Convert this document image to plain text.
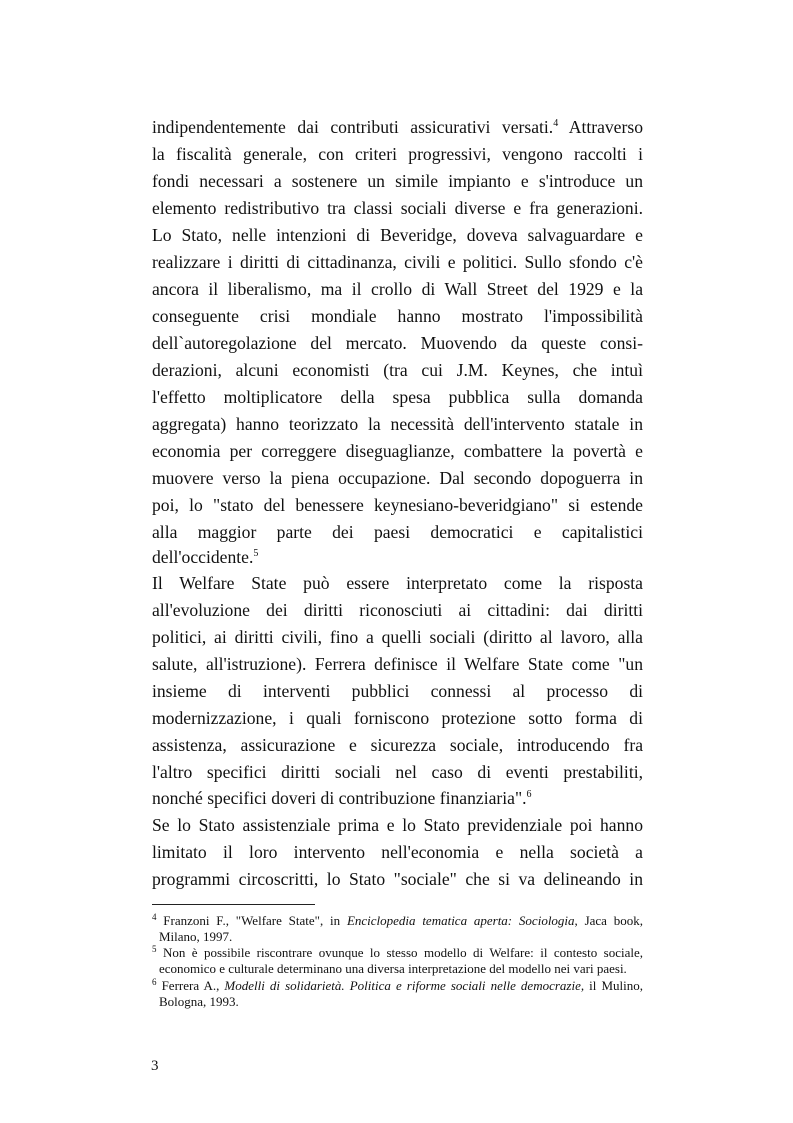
indipendentemente dai contributi assicurativi versati.$^4$ Attraverso
la fiscalità generale, con criteri progressivi, vengono raccolti i
fondi necessari a sostenere un simile impianto e s'introduce un
elemento redistributivo tra classi sociali diverse e fra generazioni.
Lo Stato, nelle intenzioni di Beveridge, doveva salvaguardare e
realizzare i diritti di cittadinanza, civili e politici. Sullo sfondo c'è
ancora il liberalismo, ma il crollo di Wall Street del 1929 e la
conseguente crisi mondiale hanno mostrato l'impossibilità
dell`autoregolazione del mercato. Muovendo da queste consi-
derazioni, alcuni economisti (tra cui J.M. Keynes, che intuì
l'effetto moltiplicatore della spesa pubblica sulla domanda
aggregata) hanno teorizzato la necessità dell'intervento statale in
economia per correggere diseguaglianze, combattere la povertà e
muovere verso la piena occupazione. Dal secondo dopoguerra in
poi, lo "stato del benessere keynesiano-beveridgiano" si estende
alla maggior parte dei paesi democratici e capitalistici
dell'occidente.$^5$
Il Welfare State può essere interpretato come la risposta
all'evoluzione dei diritti riconosciuti ai cittadini: dai diritti
politici, ai diritti civili, fino a quelli sociali (diritto al lavoro, alla
salute, all'istruzione). Ferrera definisce il Welfare State come "un
insieme di interventi pubblici connessi al processo di
modernizzazione, i quali forniscono protezione sotto forma di
assistenza, assicurazione e sicurezza sociale, introducendo fra
l'altro specifici diritti sociali nel caso di eventi prestabiliti,
nonché specifici doveri di contribuzione finanziaria".$^6$
Se lo Stato assistenziale prima e lo Stato previdenziale poi hanno
limitato il loro intervento nell'economia e nella società a
programmi circoscritti, lo Stato "sociale" che si va delineando in
$^4$ Franzoni F., "Welfare State", in Enciclopedia tematica aperta: Sociologia, Jaca book,
Milano, 1997.
$^5$ Non è possibile riscontrare ovunque lo stesso modello di Welfare: il contesto sociale,
economico e culturale determinano una diversa interpretazione del modello nei vari paesi.
$^6$ Ferrera A., Modelli di solidarietà. Politica e riforme sociali nelle democrazie, il Mulino,
Bologna, 1993.
3
